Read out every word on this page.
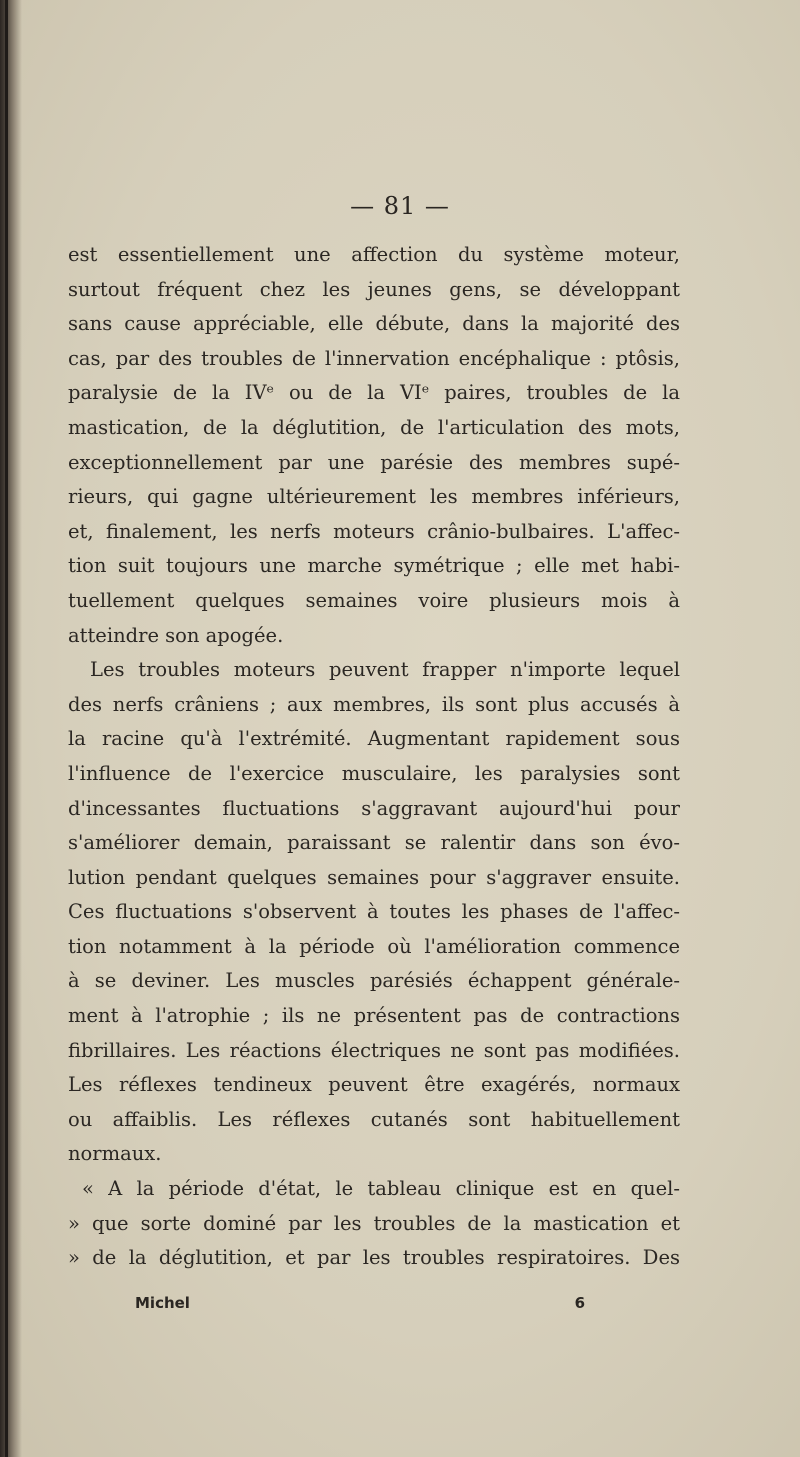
— 81 —
est essentiellement une affection du système moteur,
surtout fréquent chez les jeunes gens, se développant
sans cause appréciable, elle débute, dans la majorité des
cas, par des troubles de l'innervation encéphalique : ptôsis,
paralysie de la IVᵉ ou de la VIᵉ paires, troubles de la
mastication, de la déglutition, de l'articulation des mots,
exceptionnellement par une parésie des membres supé-
rieurs, qui gagne ultérieurement les membres inférieurs,
et, finalement, les nerfs moteurs crânio-bulbaires. L'affec-
tion suit toujours une marche symétrique ; elle met habi-
tuellement quelques semaines voire plusieurs mois à
atteindre son apogée.
Les troubles moteurs peuvent frapper n'importe lequel
des nerfs crâniens ; aux membres, ils sont plus accusés à
la racine qu'à l'extrémité. Augmentant rapidement sous
l'influence de l'exercice musculaire, les paralysies sont
d'incessantes fluctuations s'aggravant aujourd'hui pour
s'améliorer demain, paraissant se ralentir dans son évo-
lution pendant quelques semaines pour s'aggraver ensuite.
Ces fluctuations s'observent à toutes les phases de l'affec-
tion notamment à la période où l'amélioration commence
à se deviner. Les muscles parésiés échappent générale-
ment à l'atrophie ; ils ne présentent pas de contractions
fibrillaires. Les réactions électriques ne sont pas modifiées.
Les réflexes tendineux peuvent être exagérés, normaux
ou affaiblis. Les réflexes cutanés sont habituellement
normaux.
« A la période d'état, le tableau clinique est en quel-
» que sorte dominé par les troubles de la mastication et
» de la déglutition, et par les troubles respiratoires. Des
Michel	6
